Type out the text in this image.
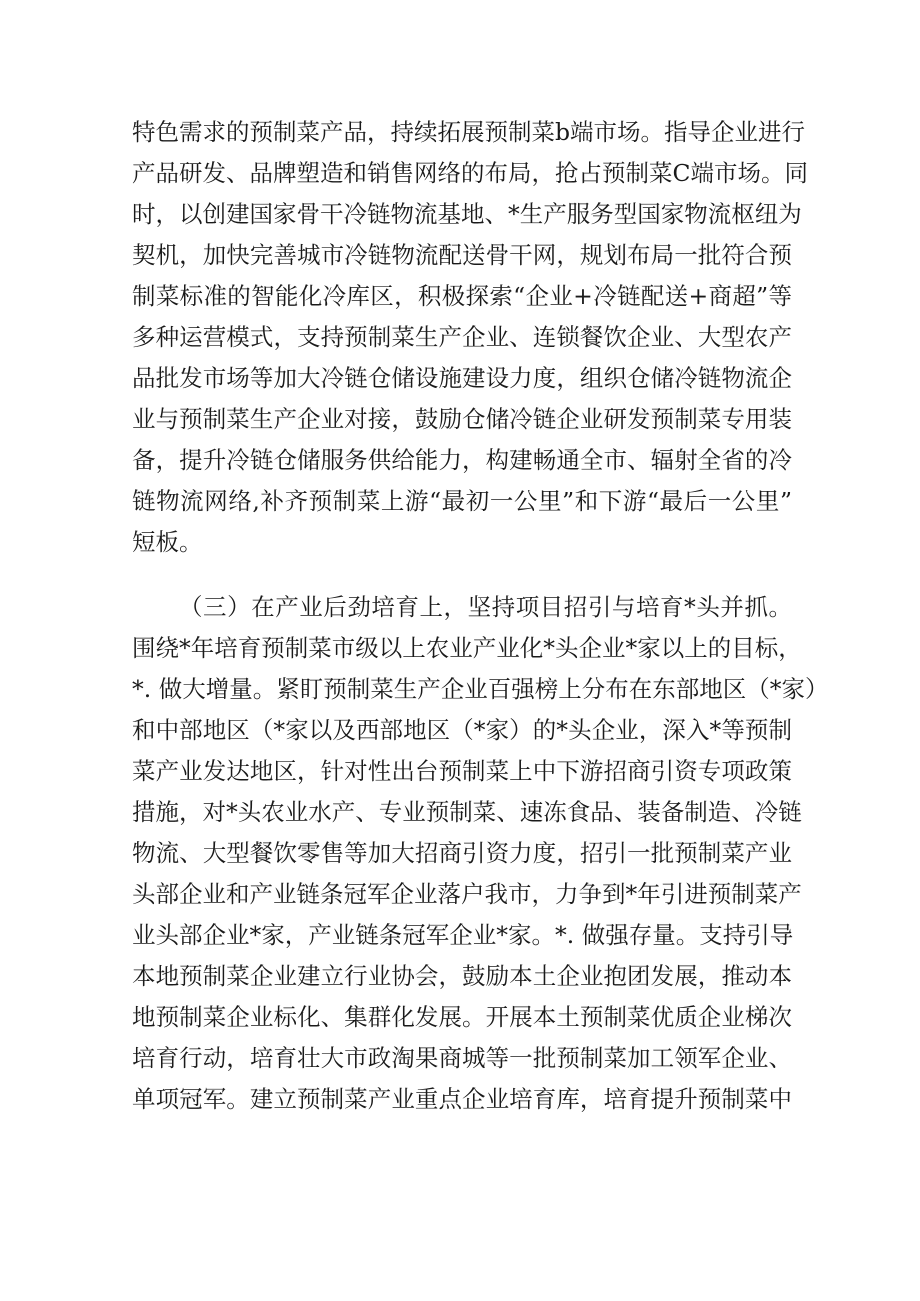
特色需求的预制菜产品，持续拓展预制菜b端市场。指导企业进行
产品研发、品牌塑造和销售网络的布局，抢占预制菜C端市场。同
时，以创建国家骨干冷链物流基地、*生产服务型国家物流枢纽为
契机，加快完善城市冷链物流配送骨干网，规划布局一批符合预
制菜标准的智能化冷库区，积极探索“企业+冷链配送+商超”等
多种运营模式，支持预制菜生产企业、连锁餐饮企业、大型农产
品批发市场等加大冷链仓储设施建设力度，组织仓储冷链物流企
业与预制菜生产企业对接，鼓励仓储冷链企业研发预制菜专用装
备，提升冷链仓储服务供给能力，构建畅通全市、辐射全省的冷
链物流网络,补齐预制菜上游“最初一公里”和下游“最后一公里”
短板。
（三）在产业后劲培育上，坚持项目招引与培育*头并抓。
围绕*年培育预制菜市级以上农业产业化*头企业*家以上的目标，
*. 做大增量。紧盯预制菜生产企业百强榜上分布在东部地区（*家）
和中部地区（*家以及西部地区（*家）的*头企业，深入*等预制
菜产业发达地区，针对性出台预制菜上中下游招商引资专项政策
措施，对*头农业水产、专业预制菜、速冻食品、装备制造、冷链
物流、大型餐饮零售等加大招商引资力度，招引一批预制菜产业
头部企业和产业链条冠军企业落户我市，力争到*年引进预制菜产
业头部企业*家，产业链条冠军企业*家。*. 做强存量。支持引导
本地预制菜企业建立行业协会，鼓励本土企业抱团发展，推动本
地预制菜企业标化、集群化发展。开展本土预制菜优质企业梯次
培育行动，培育壮大市政淘果商城等一批预制菜加工领军企业、
单项冠军。建立预制菜产业重点企业培育库，培育提升预制菜中
